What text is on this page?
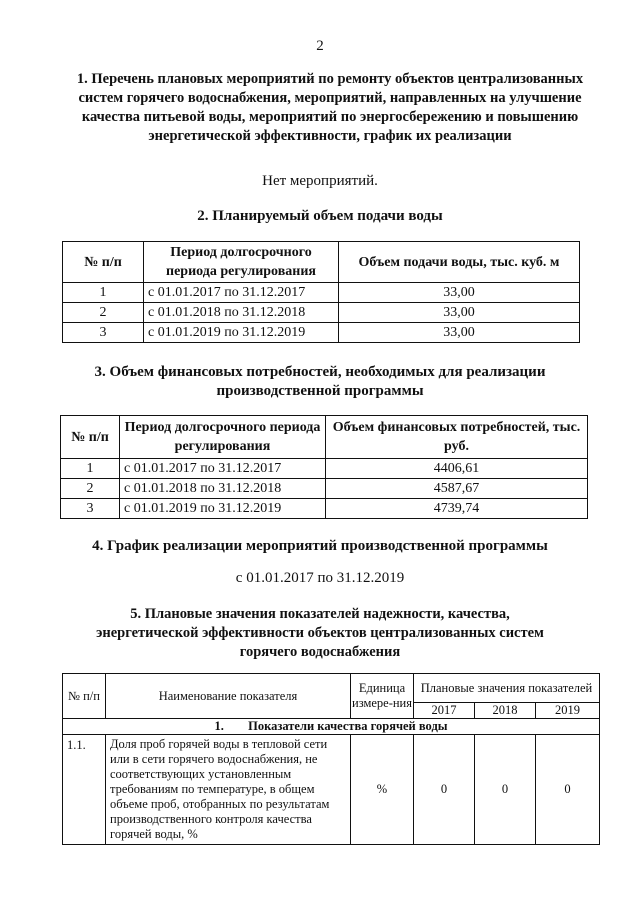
2
1. Перечень плановых мероприятий по ремонту объектов централизованных систем горячего водоснабжения, мероприятий, направленных на улучшение качества питьевой воды, мероприятий по энергосбережению и повышению энергетической эффективности, график их реализации
Нет мероприятий.
2. Планируемый объем подачи воды
№ п/п	Период долгосрочного периода регулирования	Объем подачи воды, тыс. куб. м
1	с 01.01.2017 по 31.12.2017	33,00
2	с 01.01.2018 по 31.12.2018	33,00
3	с 01.01.2019 по 31.12.2019	33,00
3. Объем финансовых потребностей, необходимых для реализации производственной программы
№ п/п	Период долгосрочного периода регулирования	Объем финансовых потребностей, тыс. руб.
1	с 01.01.2017 по 31.12.2017	4406,61
2	с 01.01.2018 по 31.12.2018	4587,67
3	с 01.01.2019 по 31.12.2019	4739,74
4. График реализации мероприятий производственной программы
с 01.01.2017 по 31.12.2019
5. Плановые значения показателей надежности, качества, энергетической эффективности объектов централизованных систем горячего водоснабжения
№ п/п	Наименование показателя	Единица измере-ния	Плановые значения показателей		
			2017	2018	2019
1. Показатели качества горячей воды					
1.1.	Доля проб горячей воды в тепловой сети или в сети горячего водоснабжения, не соответствующих установленным требованиям по температуре, в общем объеме проб, отобранных по результатам производственного контроля качества горячей воды, %	%	0	0	0
